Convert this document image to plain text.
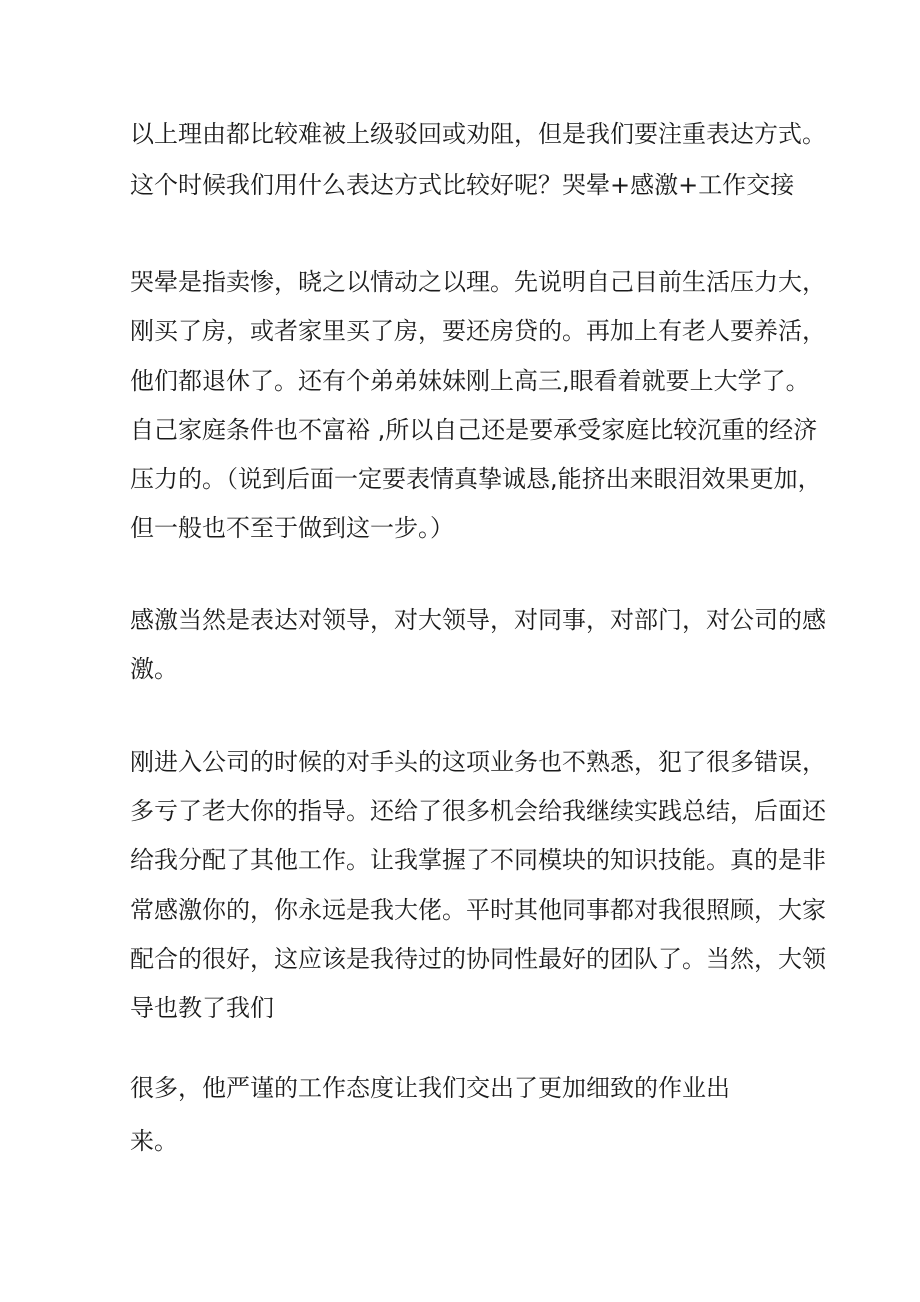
以上理由都比较难被上级驳回或劝阻，但是我们要注重表达方式。
这个时候我们用什么表达方式比较好呢？哭晕+感激+工作交接
哭晕是指卖惨，晓之以情动之以理。先说明自己目前生活压力大，
刚买了房，或者家里买了房，要还房贷的。再加上有老人要养活，
他们都退休了。还有个弟弟妹妹刚上高三,眼看着就要上大学了。
自己家庭条件也不富裕 ,所以自己还是要承受家庭比较沉重的经济
压力的。（说到后面一定要表情真挚诚恳,能挤出来眼泪效果更加，
但一般也不至于做到这一步。）
感激当然是表达对领导，对大领导，对同事，对部门，对公司的感
激。
刚进入公司的时候的对手头的这项业务也不熟悉，犯了很多错误，
多亏了老大你的指导。还给了很多机会给我继续实践总结，后面还
给我分配了其他工作。让我掌握了不同模块的知识技能。真的是非
常感激你的，你永远是我大佬。平时其他同事都对我很照顾，大家
配合的很好，这应该是我待过的协同性最好的团队了。当然，大领
导也教了我们
很多，他严谨的工作态度让我们交出了更加细致的作业出
来。
